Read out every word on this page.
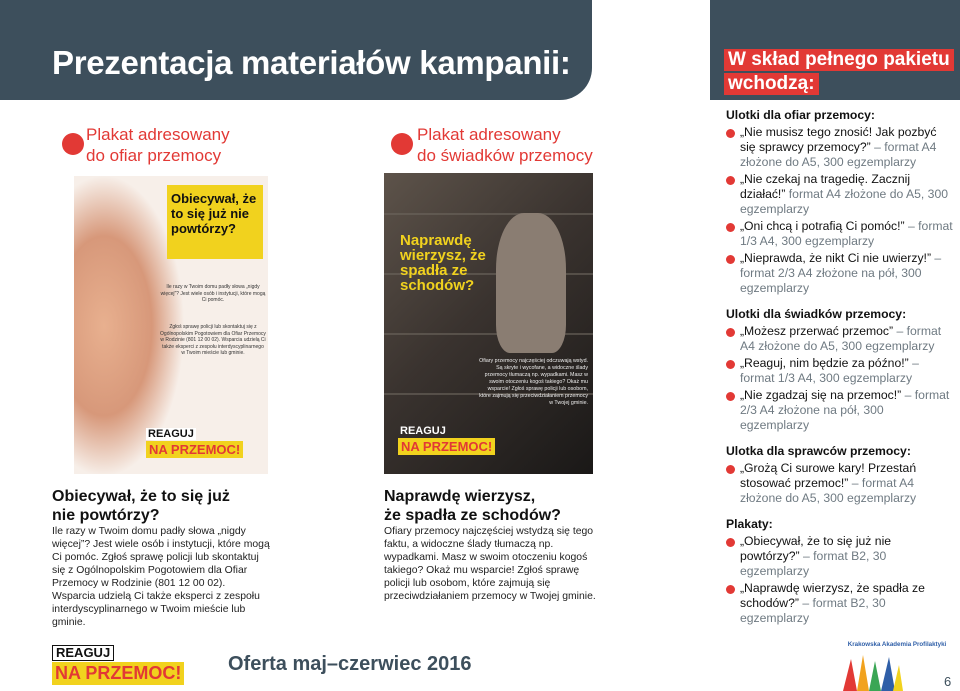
Prezentacja materiałów kampanii:	W skład pełnego pakietu
wchodzą:
Plakat adresowany
do ofiar przemocy
Obiecywał, że to się już nie powtórzy?
Ile razy w Twoim domu padły słowa „nigdy więcej”? Jest wiele osób i instytucji, które mogą Ci pomóc.
Zgłoś sprawę policji lub skontaktuj się z Ogólnopolskim Pogotowiem dla Ofiar Przemocy w Rodzinie (801 12 00 02). Wsparcia udzielą Ci także eksperci z zespołu interdyscyplinarnego w Twoim mieście lub gminie.
REAGUJ
NA PRZEMOC!
Obiecywał, że to się już
nie powtórzy?
Ile razy w Twoim domu padły słowa „nigdy więcej”? Jest wiele osób i instytucji, które mogą Ci pomóc. Zgłoś sprawę policji lub skontaktuj się z Ogólnopolskim Pogotowiem dla Ofiar Przemocy w Rodzinie (801 12 00 02). Wsparcia udzielą Ci także eksperci z zespołu interdyscyplinarnego w Twoim mieście lub gminie.
Plakat adresowany
do świadków przemocy
Naprawdę wierzysz, że spadła ze schodów?
Ofiary przemocy najczęściej odczuwają wstyd. Są skryte i wycofane, a widoczne ślady przemocy tłumaczą np. wypadkami. Masz w swoim otoczeniu kogoś takiego? Okaż mu wsparcie! Zgłoś sprawę policji lub osobom, które zajmują się przeciwdziałaniem przemocy w Twojej gminie.
REAGUJ
NA PRZEMOC!
Naprawdę wierzysz,
że spadła ze schodów?
Ofiary przemocy najczęściej wstydzą się tego faktu, a widoczne ślady tłumaczą np. wypadkami. Masz w swoim otoczeniu kogoś takiego? Okaż mu wsparcie! Zgłoś sprawę policji lub osobom, które zajmują się przeciwdziałaniem przemocy w Twojej gminie.
Ulotki dla ofiar przemocy:
„Nie musisz tego znosić! Jak pozbyć się sprawcy przemocy?” – format A4 złożone do A5, 300 egzemplarzy
„Nie czekaj na tragedię. Zacznij działać!” format A4 złożone do A5, 300 egzemplarzy
„Oni chcą i potrafią Ci pomóc!” – format 1/3 A4, 300 egzemplarzy
„Nieprawda, że nikt Ci nie uwierzy!” – format 2/3 A4 złożone na pół, 300 egzemplarzy
Ulotki dla świadków przemocy:
„Możesz przerwać przemoc” – format A4 złożone do A5, 300 egzemplarzy
„Reaguj, nim będzie za późno!” – format 1/3 A4, 300 egzemplarzy
„Nie zgadzaj się na przemoc!” – format 2/3 A4 złożone na pół, 300 egzemplarzy
Ulotka dla sprawców przemocy:
„Grożą Ci surowe kary! Przestań stosować przemoc!” – format A4 złożone do A5, 300 egzemplarzy
Plakaty:
„Obiecywał, że to się już nie powtórzy?” – format B2, 30 egzemplarzy
„Naprawdę wierzysz, że spadła ze schodów?” – format B2, 30 egzemplarzy
REAGUJ
NA PRZEMOC! Oferta maj–czerwiec 2016
Krakowska Akademia Profilaktyki
6
